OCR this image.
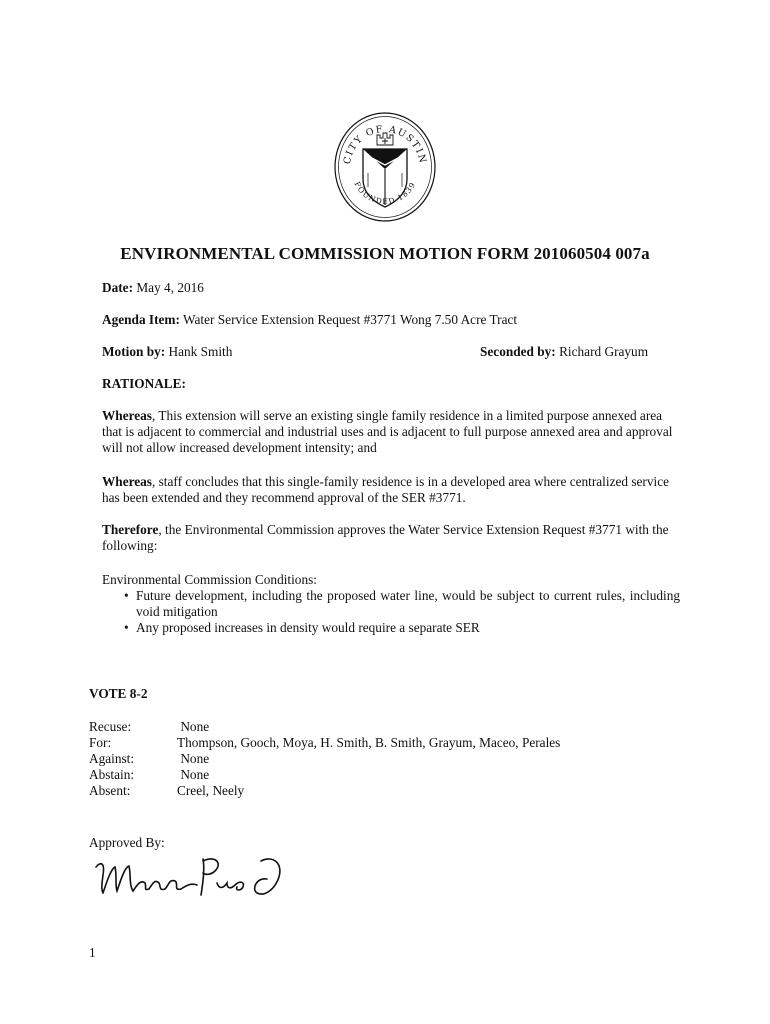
CITY OF AUSTIN
FOUNDED 1839
ENVIRONMENTAL COMMISSION MOTION FORM 201060504 007a
Date: May 4, 2016
Agenda Item: Water Service Extension Request #3771 Wong 7.50 Acre Tract
Motion by: Hank Smith	Seconded by: Richard Grayum
RATIONALE:

Whereas, This extension will serve an existing single family residence in a limited purpose annexed area that is adjacent to commercial and industrial uses and is adjacent to full purpose annexed area and approval will not allow increased development intensity; and

Whereas, staff concludes that this single-family residence is in a developed area where centralized service has been extended and they recommend approval of the SER #3771.

Therefore, the Environmental Commission approves the Water Service Extension Request #3771 with the following:

Environmental Commission Conditions:

• Future development, including the proposed water line, would be subject to current rules, including void mitigation
• Any proposed increases in density would require a separate SER
VOTE 8-2
Recuse:	None
For:	Thompson, Gooch, Moya, H. Smith, B. Smith, Grayum, Maceo, Perales
Against:	None
Abstain:	None
Absent:	Creel, Neely
Approved By:
1
